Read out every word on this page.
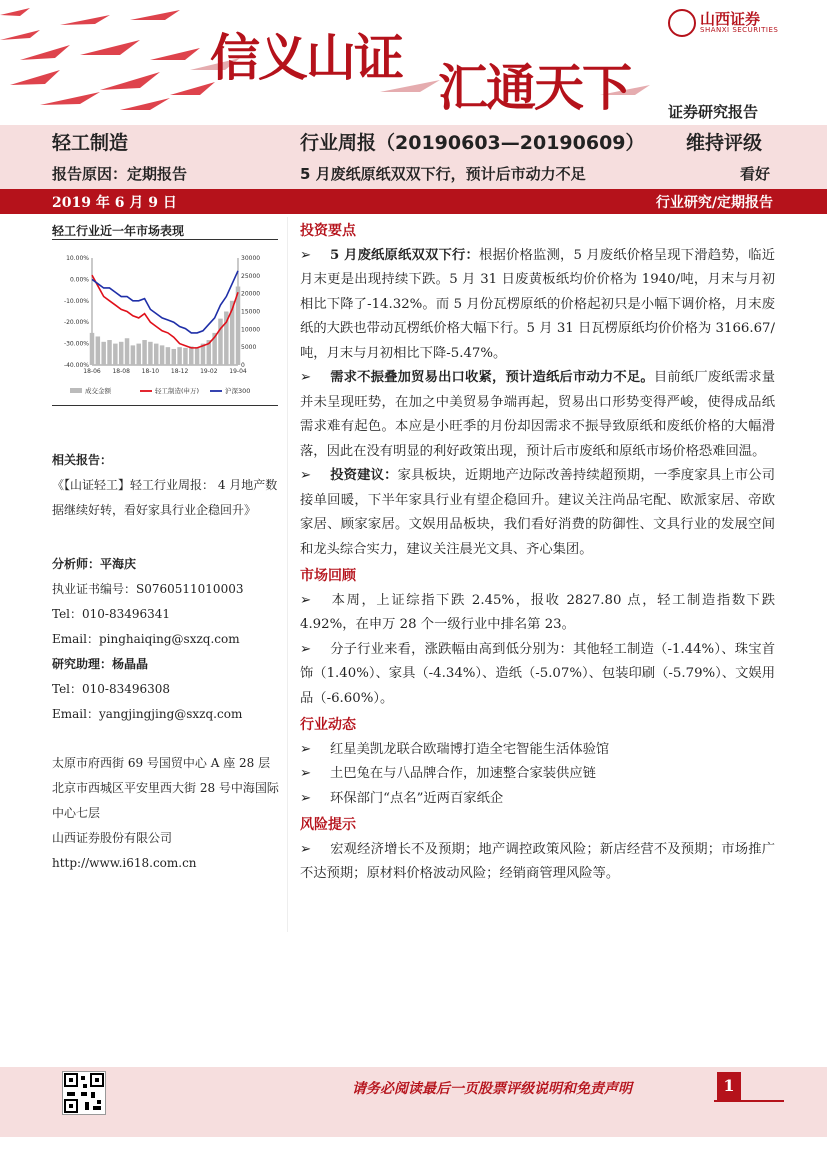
信义山证
汇通天下
山西证券
SHANXI SECURITIES
证券研究报告
轻工制造
报告原因：定期报告
行业周报（20190603—20190609）
5 月废纸原纸双双下行，预计后市动力不足
维持评级
看好
2019 年 6 月 9 日	行业研究/定期报告
轻工行业近一年市场表现
10.00%
0.00%
-10.00%
-20.00%
-30.00%
-40.00%
30000
25000
20000
15000
10000
5000
0
18-06 18-08 18-10 18-12 19-02 19-04
成交金额	轻工制造(申万)	沪深300
相关报告：
《【山证轻工】轻工行业周报： 4 月地产数据继续好转，看好家具行业企稳回升》
分析师：平海庆
执业证书编号：S0760511010003
Tel：010-83496341
Email：pinghaiqing@sxzq.com
研究助理：杨晶晶
Tel：010-83496308
Email：yangjingjing@sxzq.com
太原市府西街 69 号国贸中心 A 座 28 层
北京市西城区平安里西大街 28 号中海国际中心七层
山西证券股份有限公司
http://www.i618.com.cn
投资要点
➢ 5 月废纸原纸双双下行：根据价格监测，5 月废纸价格呈现下滑趋势，临近月末更是出现持续下跌。5 月 31 日废黄板纸均价价格为 1940/吨，月末与月初相比下降了-14.32%。而 5 月份瓦楞原纸的价格起初只是小幅下调价格，月末废纸的大跌也带动瓦楞纸价格大幅下行。5 月 31 日瓦楞原纸均价价格为 3166.67/吨，月末与月初相比下降-5.47%。
➢ 需求不振叠加贸易出口收紧，预计造纸后市动力不足。目前纸厂废纸需求量并未呈现旺势，在加之中美贸易争端再起，贸易出口形势变得严峻，使得成品纸需求难有起色。本应是小旺季的月份却因需求不振导致原纸和废纸价格的大幅滑落，因此在没有明显的利好政策出现，预计后市废纸和原纸市场价格恐难回温。
➢ 投资建议：家具板块，近期地产边际改善持续超预期，一季度家具上市公司接单回暖，下半年家具行业有望企稳回升。建议关注尚品宅配、欧派家居、帝欧家居、顾家家居。文娱用品板块，我们看好消费的防御性、文具行业的发展空间和龙头综合实力，建议关注晨光文具、齐心集团。
市场回顾
➢ 本周，上证综指下跌 2.45%，报收 2827.80 点，轻工制造指数下跌 4.92%，在申万 28 个一级行业中排名第 23。
➢ 分子行业来看，涨跌幅由高到低分别为：其他轻工制造（-1.44%）、珠宝首饰（1.40%）、家具（-4.34%）、造纸（-5.07%）、包装印刷（-5.79%）、文娱用品（-6.60%）。
行业动态
➢ 红星美凯龙联合欧瑞博打造全宅智能生活体验馆
➢ 土巴兔在与八品牌合作，加速整合家装供应链
➢ 环保部门“点名”近两百家纸企
风险提示
➢ 宏观经济增长不及预期；地产调控政策风险；新店经营不及预期；市场推广不达预期；原材料价格波动风险；经销商管理风险等。
请务必阅读最后一页股票评级说明和免责声明	1
